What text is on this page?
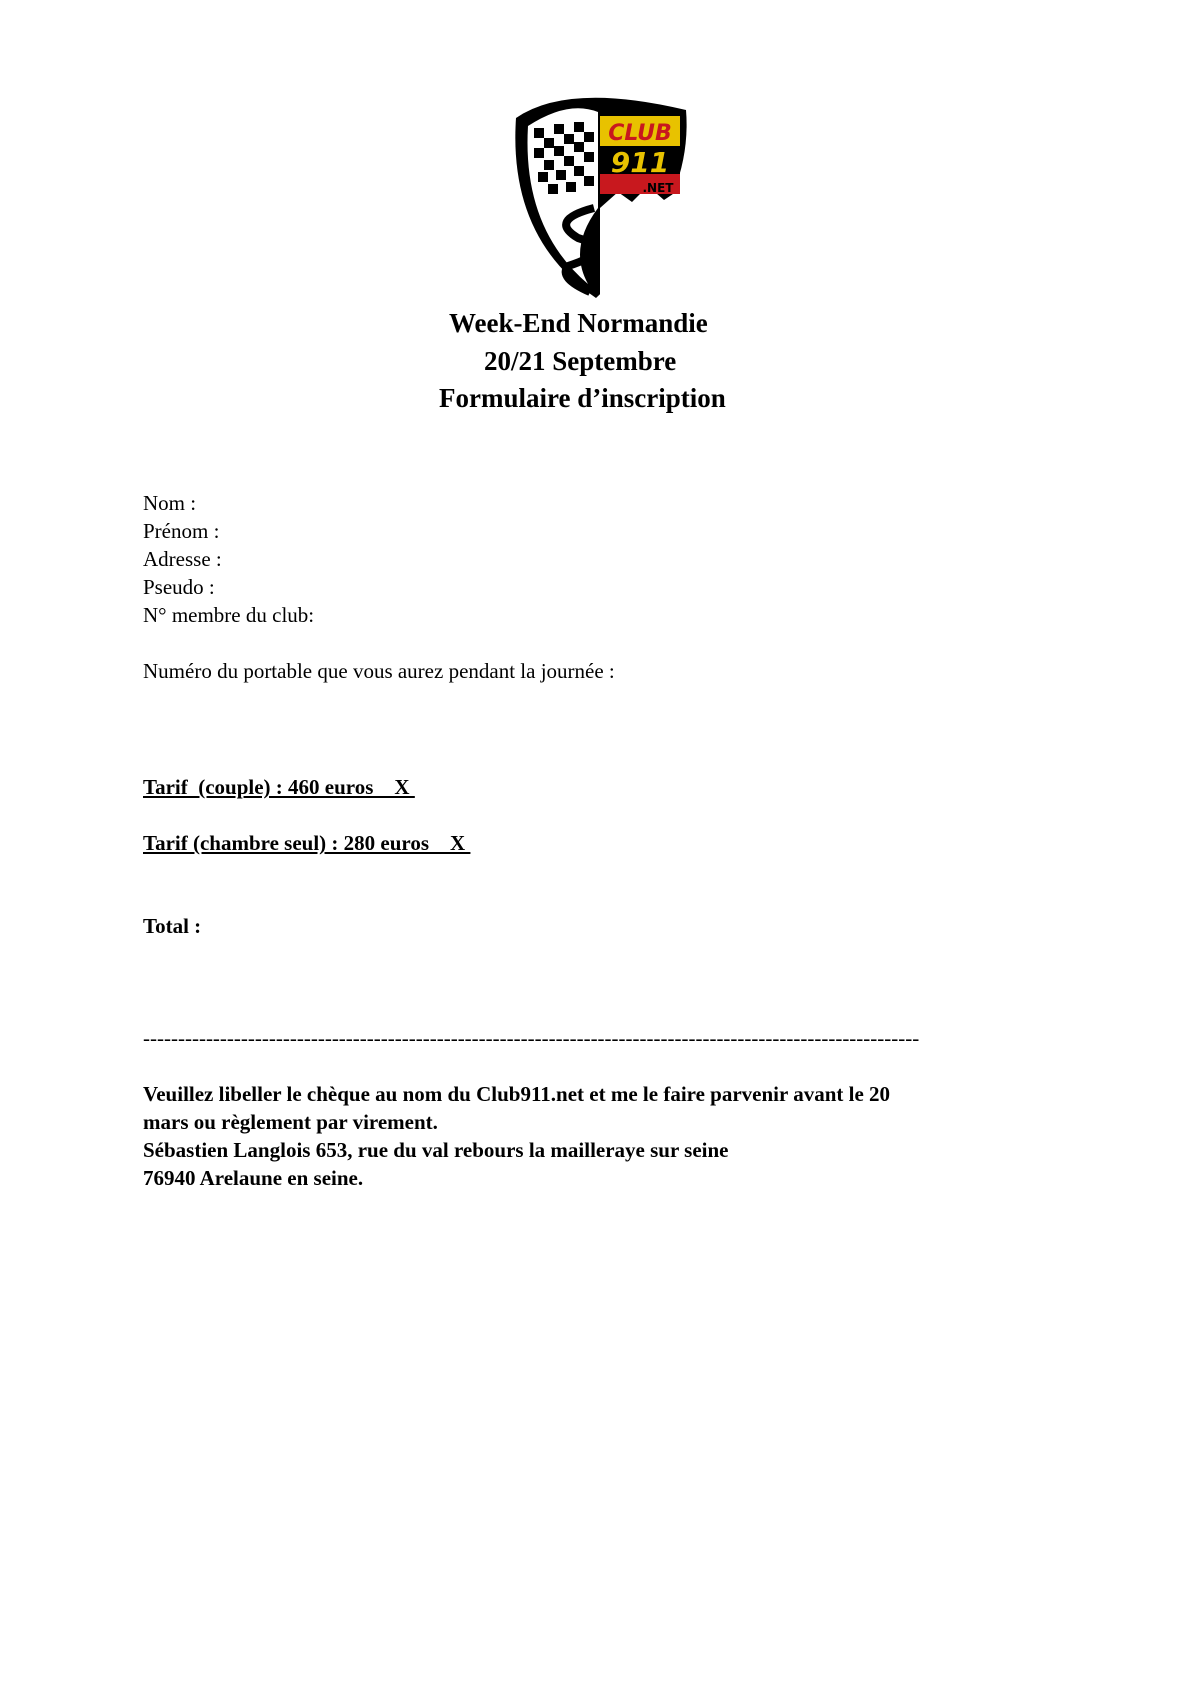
CLUB
911
.NET
Week-End Normandie
20/21 Septembre
Formulaire d’inscription
Nom :
Prénom :
Adresse :
Pseudo :
N° membre du club:
Numéro du portable que vous aurez pendant la journée :
Tarif  (couple) : 460 euros    X
Tarif (chambre seul) : 280 euros    X
Total :
---------------------------------------------------------------------------------------------------------------
Veuillez libeller le chèque au nom du Club911.net et me le faire parvenir avant le 20
mars ou règlement par virement.
Sébastien Langlois 653, rue du val rebours la mailleraye sur seine
76940 Arelaune en seine.
